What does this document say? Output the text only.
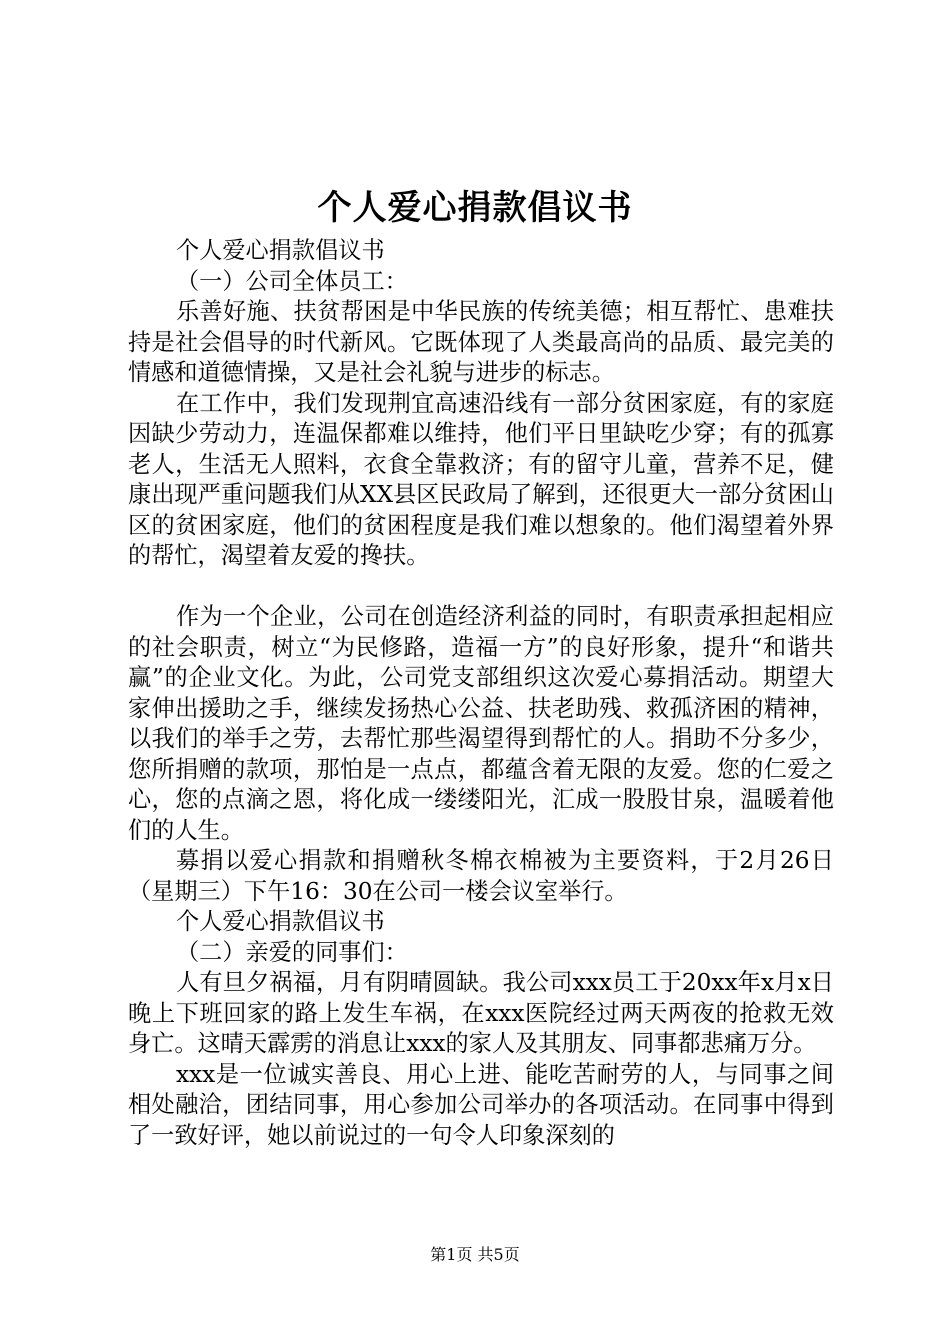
个人爱心捐款倡议书

个人爱心捐款倡议书

（一）公司全体员工：

乐善好施、扶贫帮困是中华民族的传统美德；相互帮忙、患难扶持是社会倡导的时代新风。它既体现了人类最高尚的品质、最完美的情感和道德情操，又是社会礼貌与进步的标志。

在工作中，我们发现荆宜高速沿线有一部分贫困家庭，有的家庭因缺少劳动力，连温保都难以维持，他们平日里缺吃少穿；有的孤寡老人，生活无人照料，衣食全靠救济；有的留守儿童，营养不足，健康出现严重问题我们从XX县区民政局了解到，还很更大一部分贫困山区的贫困家庭，他们的贫困程度是我们难以想象的。他们渴望着外界的帮忙，渴望着友爱的搀扶。

作为一个企业，公司在创造经济利益的同时，有职责承担起相应的社会职责，树立“为民修路，造福一方”的良好形象，提升“和谐共赢”的企业文化。为此，公司党支部组织这次爱心募捐活动。期望大家伸出援助之手，继续发扬热心公益、扶老助残、救孤济困的精神，以我们的举手之劳，去帮忙那些渴望得到帮忙的人。捐助不分多少，您所捐赠的款项，那怕是一点点，都蕴含着无限的友爱。您的仁爱之心，您的点滴之恩，将化成一缕缕阳光，汇成一股股甘泉，温暖着他们的人生。

募捐以爱心捐款和捐赠秋冬棉衣棉被为主要资料，于2月26日（星期三）下午16：30在公司一楼会议室举行。

个人爱心捐款倡议书

（二）亲爱的同事们：

人有旦夕祸福，月有阴晴圆缺。我公司xxx员工于20xx年x月x日晚上下班回家的路上发生车祸，在xxx医院经过两天两夜的抢救无效身亡。这晴天霹雳的消息让xxx的家人及其朋友、同事都悲痛万分。

xxx是一位诚实善良、用心上进、能吃苦耐劳的人，与同事之间相处融洽，团结同事，用心参加公司举办的各项活动。在同事中得到了一致好评，她以前说过的一句令人印象深刻的

第1页 共5页
